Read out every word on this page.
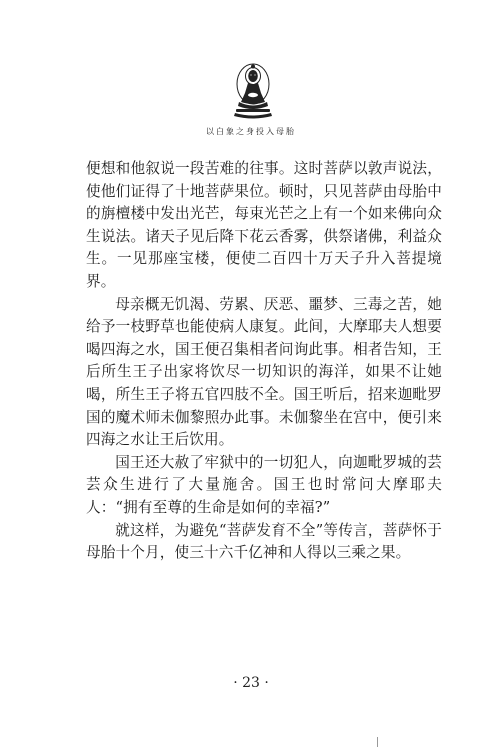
以白象之身投入母胎

便想和他叙说一段苦难的往事。这时菩萨以敦声说法，使他们证得了十地菩萨果位。顿时，只见菩萨由母胎中的旃檀楼中发出光芒，每束光芒之上有一个如来佛向众生说法。诸天子见后降下花云香雾，供祭诸佛，利益众生。一见那座宝楼，便使二百四十万天子升入菩提境界。

母亲概无饥渴、劳累、厌恶、噩梦、三毒之苦，她给予一枝野草也能使病人康复。此间，大摩耶夫人想要喝四海之水，国王便召集相者问询此事。相者告知，王后所生王子出家将饮尽一切知识的海洋，如果不让她喝，所生王子将五官四肢不全。国王听后，招来迦毗罗国的魔术师未伽黎照办此事。未伽黎坐在宫中，便引来四海之水让王后饮用。

国王还大赦了牢狱中的一切犯人，向迦毗罗城的芸芸众生进行了大量施舍。国王也时常问大摩耶夫人：“拥有至尊的生命是如何的幸福?”

就这样，为避免“菩萨发育不全”等传言，菩萨怀于母胎十个月，使三十六千亿神和人得以三乘之果。

· 23 ·
